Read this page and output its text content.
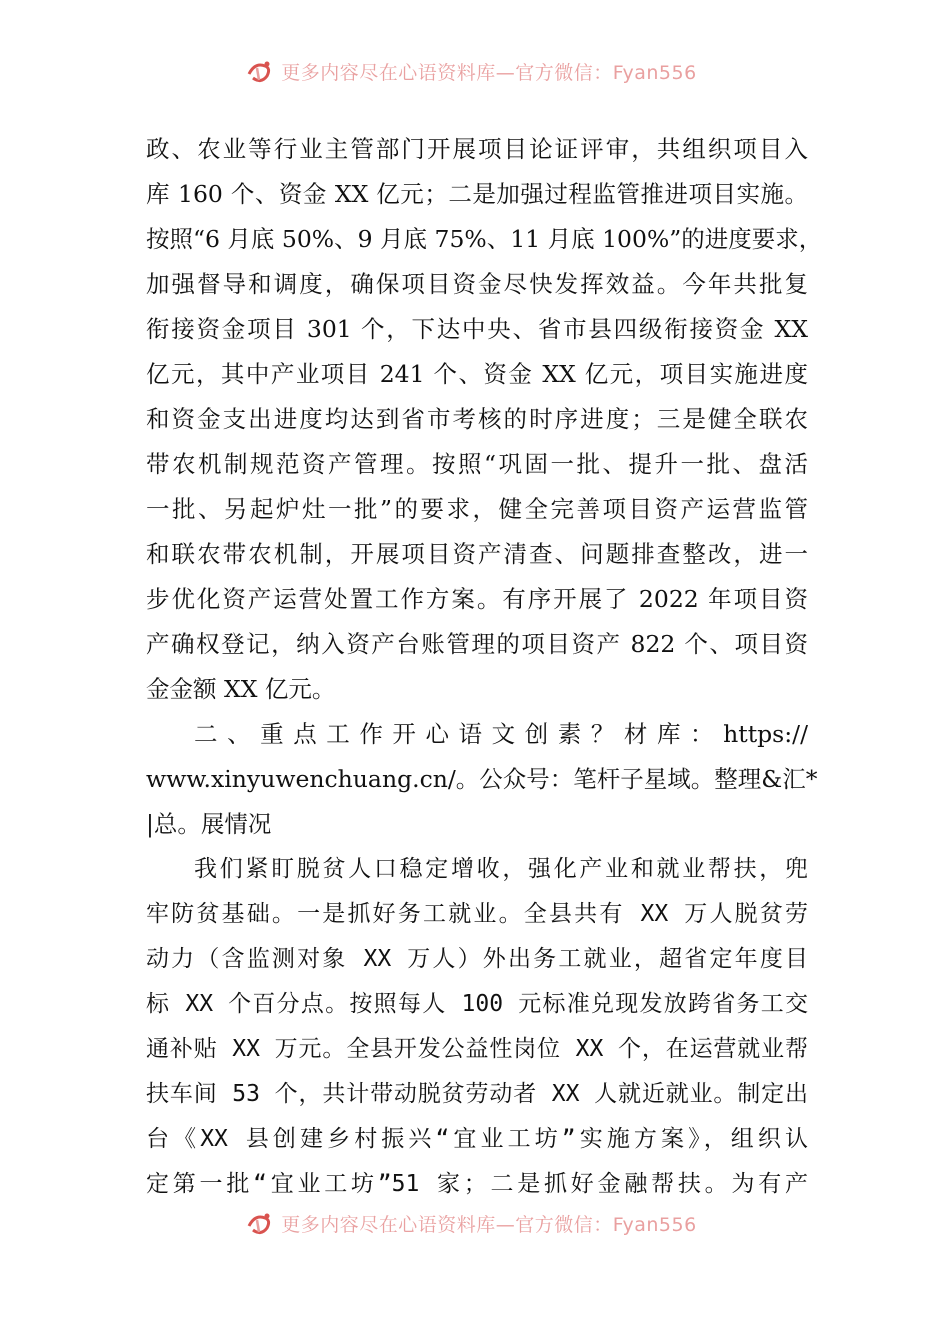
更多内容尽在心语资料库—官方微信：Fyan556
政、农业等行业主管部门开展项目论证评审，共组织项目入
库 160 个、资金 XX 亿元；二是加强过程监管推进项目实施。
按照“6 月底 50%、9 月底 75%、11 月底 100%”的进度要求，
加强督导和调度，确保项目资金尽快发挥效益。今年共批复
衔接资金项目 301 个，下达中央、省市县四级衔接资金 XX
亿元，其中产业项目 241 个、资金 XX 亿元，项目实施进度
和资金支出进度均达到省市考核的时序进度；三是健全联农
带农机制规范资产管理。按照“巩固一批、提升一批、盘活
一批、另起炉灶一批”的要求，健全完善项目资产运营监管
和联农带农机制，开展项目资产清查、问题排查整改，进一
步优化资产运营处置工作方案。有序开展了 2022 年项目资
产确权登记，纳入资产台账管理的项目资产 822 个、项目资
金金额 XX 亿元。
二、重点工作开心语文创素？材库：https://
www.xinyuwenchuang.cn/。公众号：笔杆子星域。整理&汇*
|总。展情况
我们紧盯脱贫人口稳定增收，强化产业和就业帮扶，兜
牢防贫基础。一是抓好务工就业。全县共有 XX 万人脱贫劳
动力（含监测对象 XX 万人）外出务工就业，超省定年度目
标 XX 个百分点。按照每人 100 元标准兑现发放跨省务工交
通补贴 XX 万元。全县开发公益性岗位 XX 个，在运营就业帮
扶车间 53 个，共计带动脱贫劳动者 XX 人就近就业。制定出
台《XX 县创建乡村振兴“宜业工坊”实施方案》，组织认
定第一批“宜业工坊”51 家；二是抓好金融帮扶。为有产
更多内容尽在心语资料库—官方微信：Fyan556
